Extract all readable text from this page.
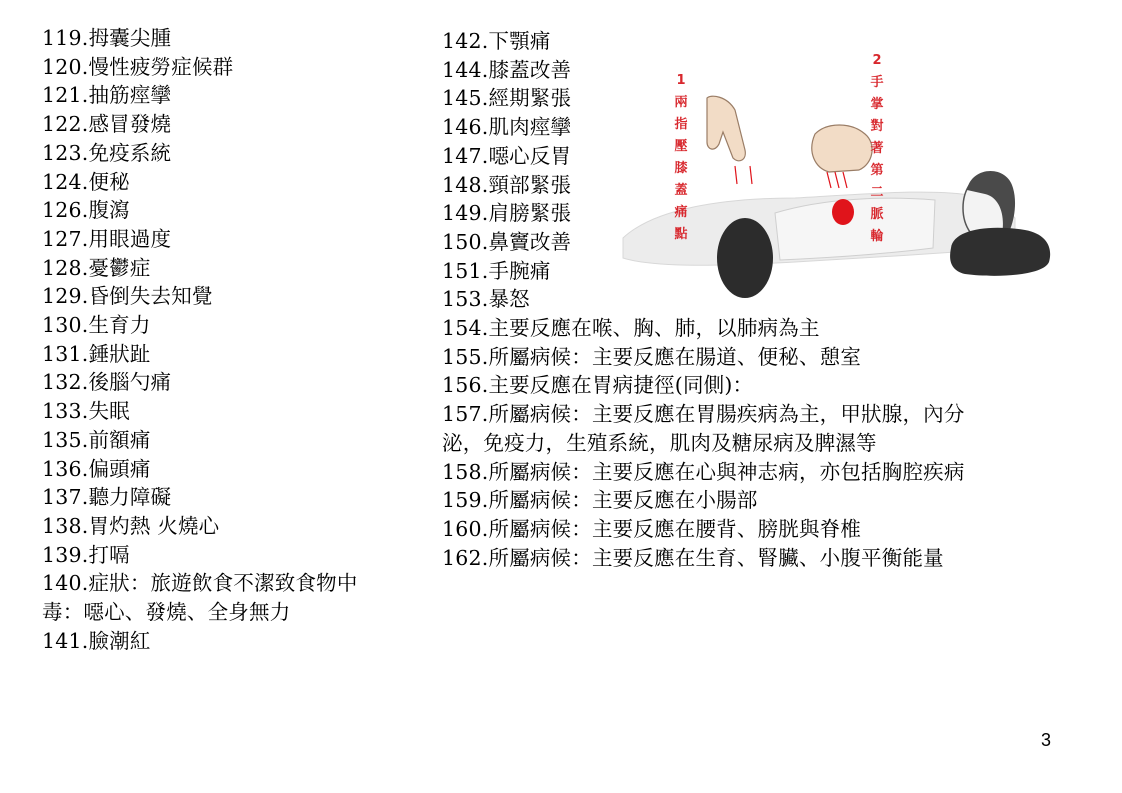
119.拇囊尖腫
120.慢性疲勞症候群
121.抽筋痙攣
122.感冒發燒
123.免疫系統
124.便秘
126.腹瀉
127.用眼過度
128.憂鬱症
129.昏倒失去知覺
130.生育力
131.錘狀趾
132.後腦勺痛
133.失眠
135.前額痛
136.偏頭痛
137.聽力障礙
138.胃灼熱 火燒心
139.打嗝
140.症狀：旅遊飲食不潔致食物中
毒：噁心、發燒、全身無力
141.臉潮紅
142.下顎痛
144.膝蓋改善
145.經期緊張
146.肌肉痙攣
147.噁心反胃
148.頸部緊張
149.肩膀緊張
150.鼻竇改善
151.手腕痛
153.暴怒
154.主要反應在喉、胸、肺，以肺病為主
155.所屬病候：主要反應在腸道、便秘、憩室
156.主要反應在胃病捷徑(同側)：
157.所屬病候：主要反應在胃腸疾病為主，甲狀腺，內分
泌，免疫力，生殖系統，肌肉及糖尿病及脾濕等
158.所屬病候：主要反應在心與神志病，亦包括胸腔疾病
159.所屬病候：主要反應在小腸部
160.所屬病候：主要反應在腰背、膀胱與脊椎
162.所屬病候：主要反應在生育、腎臟、小腹平衡能量
1兩指壓膝蓋痛點
2手掌對著第二脈輪
3
